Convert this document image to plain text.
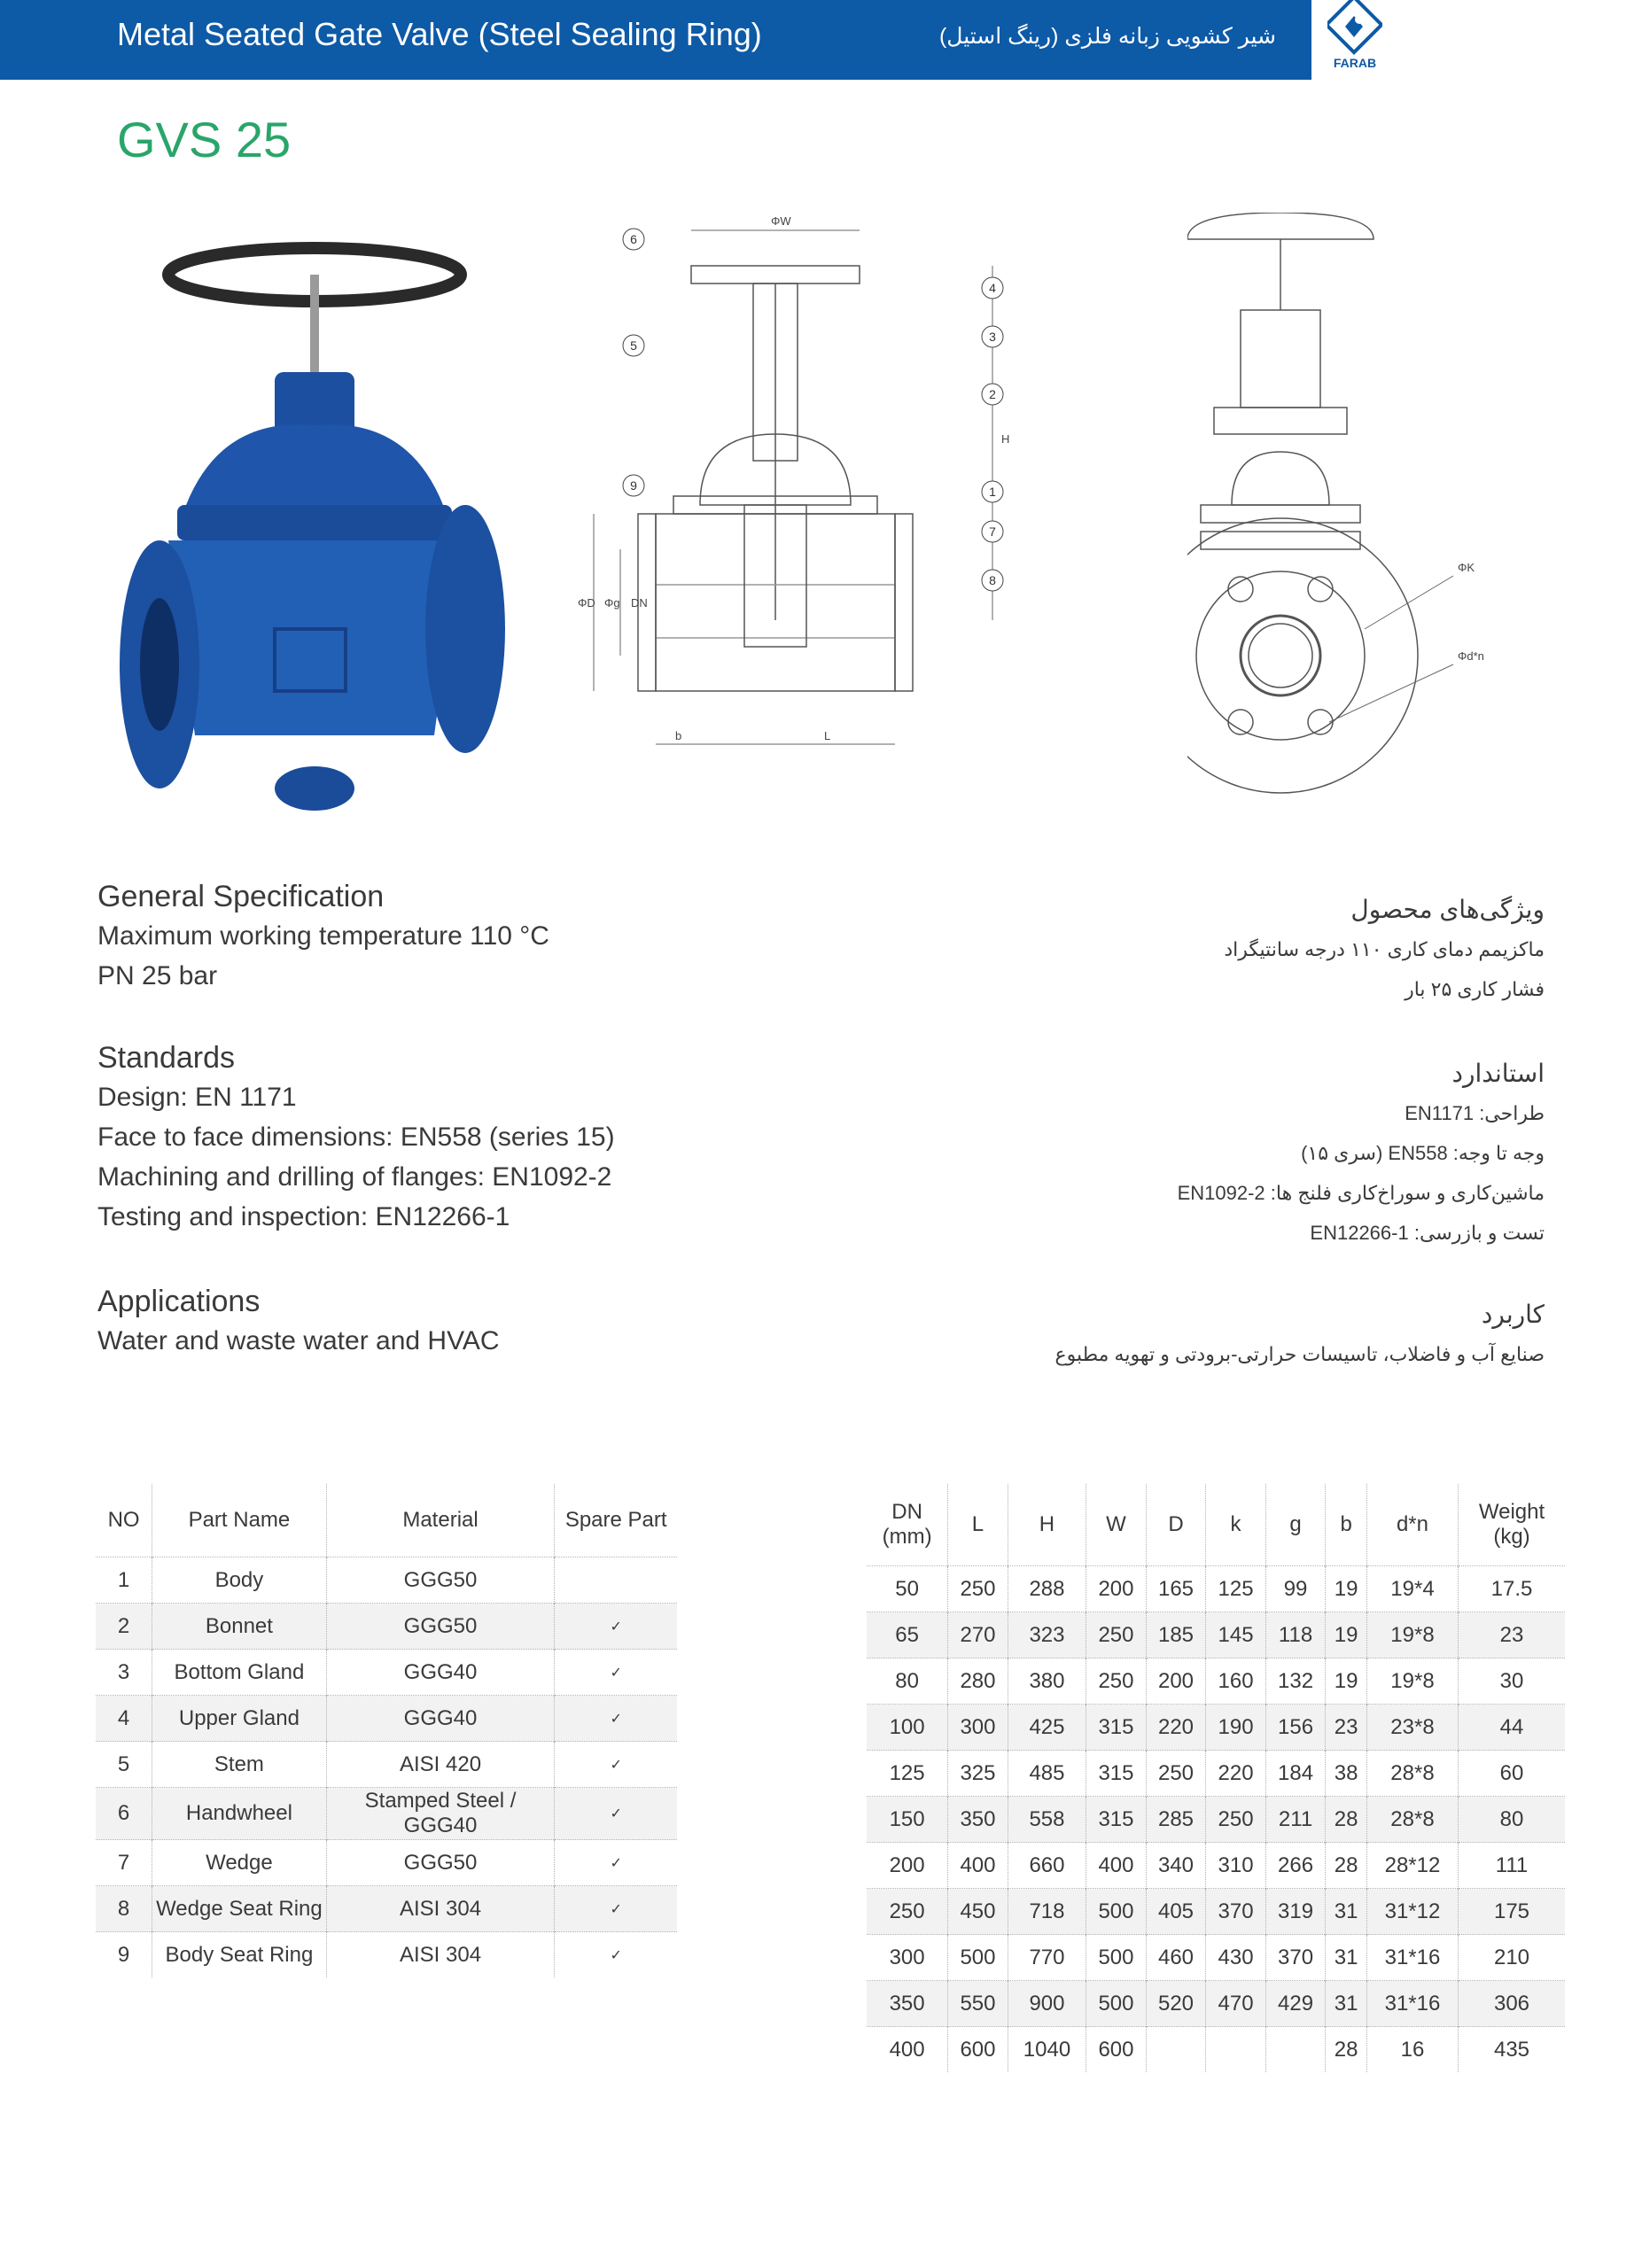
Metal Seated Gate Valve (Steel Sealing Ring)	شیر کشویی زبانه فلزی (رینگ استیل)
FARAB
GVS 25
ΦW
H
ΦD Φg DN
b	L
1
2
3
4
5
6
7
8
9
ΦK
Φd*n
General Specification
Maximum working temperature 110 °C
PN 25 bar
Standards
Design: EN 1171
Face to face dimensions: EN558 (series 15)
Machining and drilling of flanges: EN1092-2
Testing and inspection: EN12266-1
Applications
Water and waste water and HVAC
ویژگی‌های محصول
ماکزیمم دمای کاری ۱۱۰ درجه سانتیگراد
فشار کاری ۲۵ بار
استاندارد
طراحی: EN1171
وجه تا وجه: EN558 (سری ۱۵)
ماشین‌کاری و سوراخ‌کاری فلنج ها: EN1092-2
تست و بازرسی: EN12266-1
کاربرد
صنایع آب و فاضلاب، تاسیسات حرارتی-برودتی و تهویه مطبوع
NO	Part Name	Material	Spare Part
1	Body	GGG50	
2	Bonnet	GGG50	✓
3	Bottom Gland	GGG40	✓
4	Upper Gland	GGG40	✓
5	Stem	AISI 420	✓
6	Handwheel	Stamped Steel / GGG40	✓
7	Wedge	GGG50	✓
8	Wedge Seat Ring	AISI 304	✓
9	Body Seat Ring	AISI 304	✓
DN
(mm)	L	H	W	D	k	g	b	d*n	Weight
(kg)
50	250	288	200	165	125	99	19	19*4	17.5
65	270	323	250	185	145	118	19	19*8	23
80	280	380	250	200	160	132	19	19*8	30
100	300	425	315	220	190	156	23	23*8	44
125	325	485	315	250	220	184	38	28*8	60
150	350	558	315	285	250	211	28	28*8	80
200	400	660	400	340	310	266	28	28*12	111
250	450	718	500	405	370	319	31	31*12	175
300	500	770	500	460	430	370	31	31*16	210
350	550	900	500	520	470	429	31	31*16	306
400	600	1040	600				28	16	435
